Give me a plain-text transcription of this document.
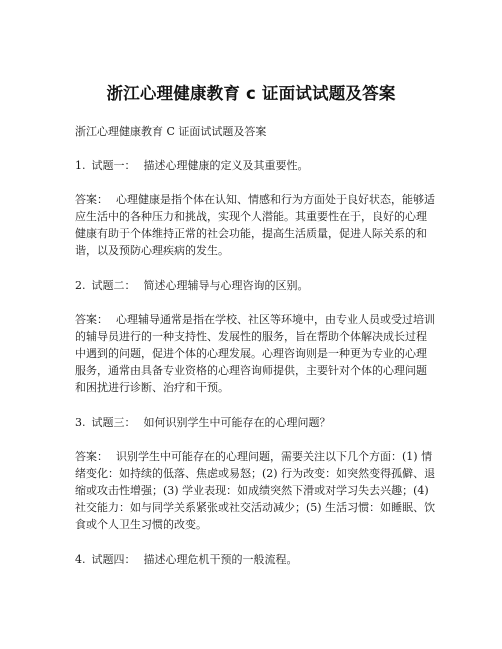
浙江心理健康教育 c 证面试试题及答案

浙江心理健康教育 C 证面试试题及答案

1. 试题一： 描述心理健康的定义及其重要性。

答案： 心理健康是指个体在认知、情感和行为方面处于良好状态，能够适应生活中的各种压力和挑战，实现个人潜能。其重要性在于，良好的心理健康有助于个体维持正常的社会功能，提高生活质量，促进人际关系的和谐，以及预防心理疾病的发生。

2. 试题二： 简述心理辅导与心理咨询的区别。

答案： 心理辅导通常是指在学校、社区等环境中，由专业人员或受过培训的辅导员进行的一种支持性、发展性的服务，旨在帮助个体解决成长过程中遇到的问题，促进个体的心理发展。心理咨询则是一种更为专业的心理服务，通常由具备专业资格的心理咨询师提供，主要针对个体的心理问题和困扰进行诊断、治疗和干预。

3. 试题三： 如何识别学生中可能存在的心理问题？

答案： 识别学生中可能存在的心理问题，需要关注以下几个方面：(1) 情绪变化：如持续的低落、焦虑或易怒；(2) 行为改变：如突然变得孤僻、退缩或攻击性增强；(3) 学业表现：如成绩突然下滑或对学习失去兴趣；(4) 社交能力：如与同学关系紧张或社交活动减少；(5) 生活习惯：如睡眠、饮食或个人卫生习惯的改变。

4. 试题四： 描述心理危机干预的一般流程。
